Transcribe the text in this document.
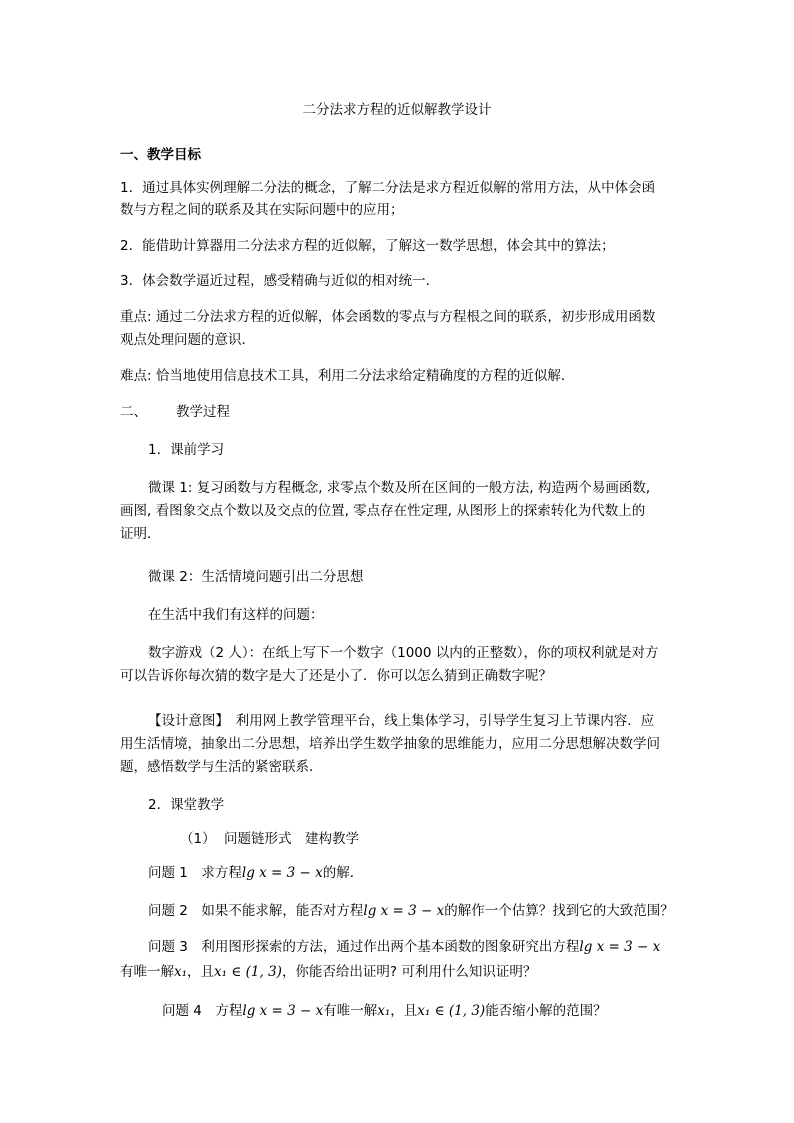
二分法求方程的近似解教学设计
一、教学目标
1．通过具体实例理解二分法的概念，了解二分法是求方程近似解的常用方法，从中体会函
数与方程之间的联系及其在实际问题中的应用；
2．能借助计算器用二分法求方程的近似解，了解这一数学思想，体会其中的算法；
3．体会数学逼近过程，感受精确与近似的相对统一．
重点: 通过二分法求方程的近似解，体会函数的零点与方程根之间的联系，初步形成用函数
观点处理问题的意识．
难点: 恰当地使用信息技术工具，利用二分法求给定精确度的方程的近似解．
二、 教学过程
1．课前学习
微课 1: 复习函数与方程概念, 求零点个数及所在区间的一般方法, 构造两个易画函数,
画图, 看图象交点个数以及交点的位置, 零点存在性定理, 从图形上的探索转化为代数上的
证明．
微课 2：生活情境问题引出二分思想
在生活中我们有这样的问题：
数字游戏（2 人）：在纸上写下一个数字（1000 以内的正整数），你的项权利就是对方
可以告诉你每次猜的数字是大了还是小了．你可以怎么猜到正确数字呢？
【设计意图】　利用网上教学管理平台，线上集体学习，引导学生复习上节课内容．应
用生活情境，抽象出二分思想，培养出学生数学抽象的思维能力，应用二分思想解决数学问
题，感悟数学与生活的紧密联系．
2．课堂教学
（1） 问题链形式　建构教学
问题 1　求方程lg x = 3 − x的解．
问题 2　如果不能求解，能否对方程lg x = 3 − x的解作一个估算？找到它的大致范围？
问题 3　利用图形探索的方法，通过作出两个基本函数的图象研究出方程lg x = 3 − x
有唯一解x₁，且x₁ ∈ (1, 3)，你能否给出证明? 可利用什么知识证明？
问题 4　方程lg x = 3 − x有唯一解x₁，且x₁ ∈ (1, 3)能否缩小解的范围？
